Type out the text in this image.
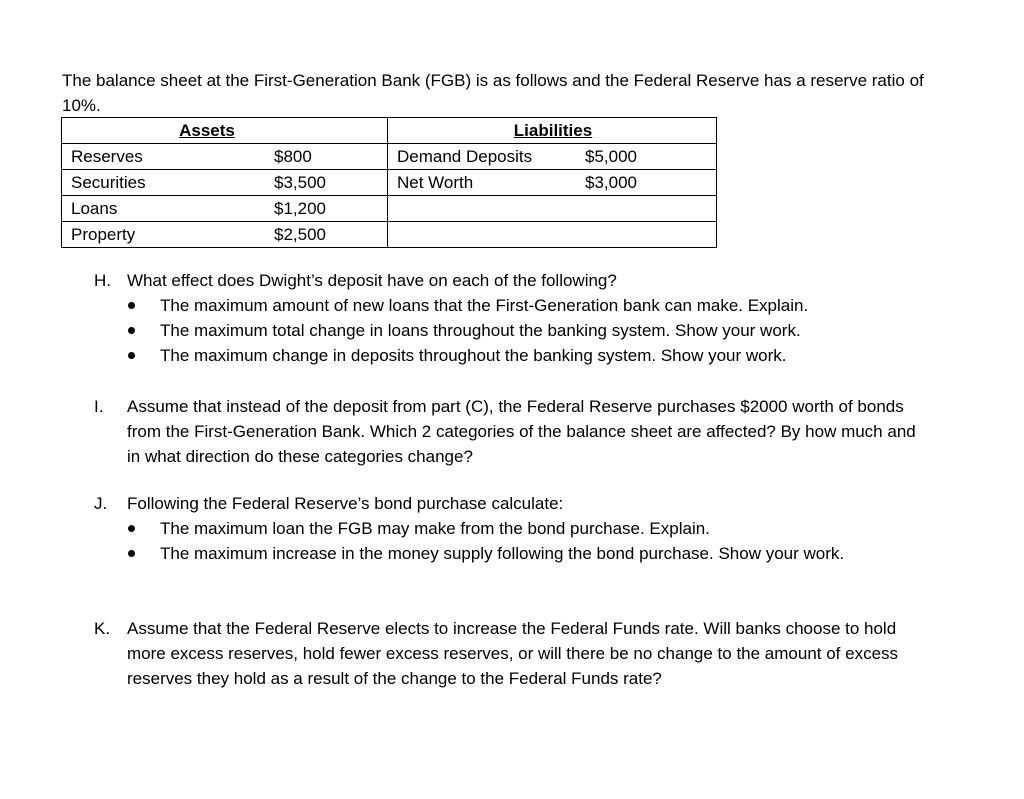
The balance sheet at the First-Generation Bank (FGB) is as follows and the Federal Reserve has a reserve ratio of 10%.

Assets	Liabilities

Reserves $800	Demand Deposits $5,000

Securities $3,500	Net Worth $3,000

Loans $1,200	

Property $2,500	

H. What effect does Dwight’s deposit have on each of the following?
The maximum amount of new loans that the First-Generation bank can make. Explain.
The maximum total change in loans throughout the banking system. Show your work.
The maximum change in deposits throughout the banking system. Show your work.
I.	Assume that instead of the deposit from part (C), the Federal Reserve purchases $2000 worth of bonds from the First-Generation Bank. Which 2 categories of the balance sheet are affected? By how much and in what direction do these categories change?
J.	Following the Federal Reserve’s bond purchase calculate:
The maximum loan the FGB may make from the bond purchase. Explain.
The maximum increase in the money supply following the bond purchase. Show your work.
K. Assume that the Federal Reserve elects to increase the Federal Funds rate. Will banks choose to hold more excess reserves, hold fewer excess reserves, or will there be no change to the amount of excess reserves they hold as a result of the change to the Federal Funds rate?
